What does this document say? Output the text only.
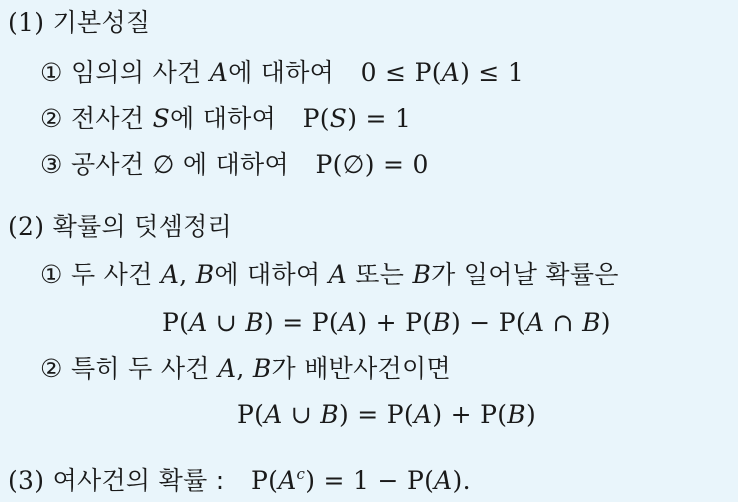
(1) 기본성질
① 임의의 사건 A에 대하여 0 ≤ P(A) ≤ 1
② 전사건 S에 대하여 P(S) = 1
③ 공사건 ∅ 에 대하여 P(∅) = 0
(2) 확률의 덧셈정리
① 두 사건 A, B에 대하여 A 또는 B가 일어날 확률은
P(A ∪ B) = P(A) + P(B) − P(A ∩ B)
② 특히 두 사건 A, B가 배반사건이면
P(A ∪ B) = P(A) + P(B)
(3) 여사건의 확률 : $P(A^c) = 1 - P(A)$.
